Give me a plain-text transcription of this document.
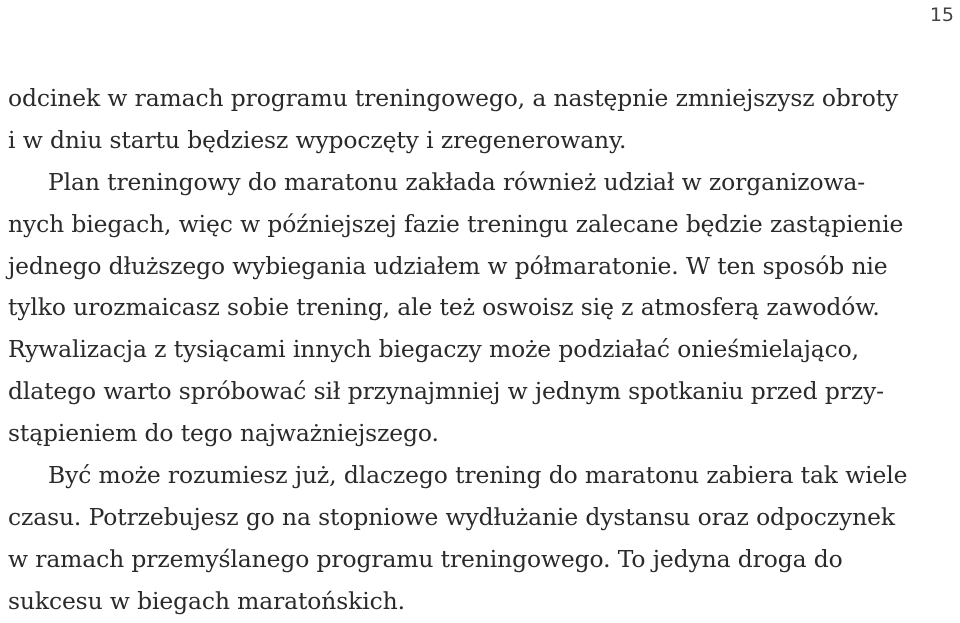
15
odcinek w ramach programu treningowego, a następnie zmniejszysz obroty
i w dniu startu będziesz wypoczęty i zregenerowany.
Plan treningowy do maratonu zakłada również udział w zorganizowa-
nych biegach, więc w późniejszej fazie treningu zalecane będzie zastąpienie
jednego dłuższego wybiegania udziałem w półmaratonie. W ten sposób nie
tylko urozmaicasz sobie trening, ale też oswoisz się z atmosferą zawodów.
Rywalizacja z tysiącami innych biegaczy może podziałać onieśmielająco,
dlatego warto spróbować sił przynajmniej w jednym spotkaniu przed przy-
stąpieniem do tego najważniejszego.
Być może rozumiesz już, dlaczego trening do maratonu zabiera tak wiele
czasu. Potrzebujesz go na stopniowe wydłużanie dystansu oraz odpoczynek
w ramach przemyślanego programu treningowego. To jedyna droga do
sukcesu w biegach maratońskich.
